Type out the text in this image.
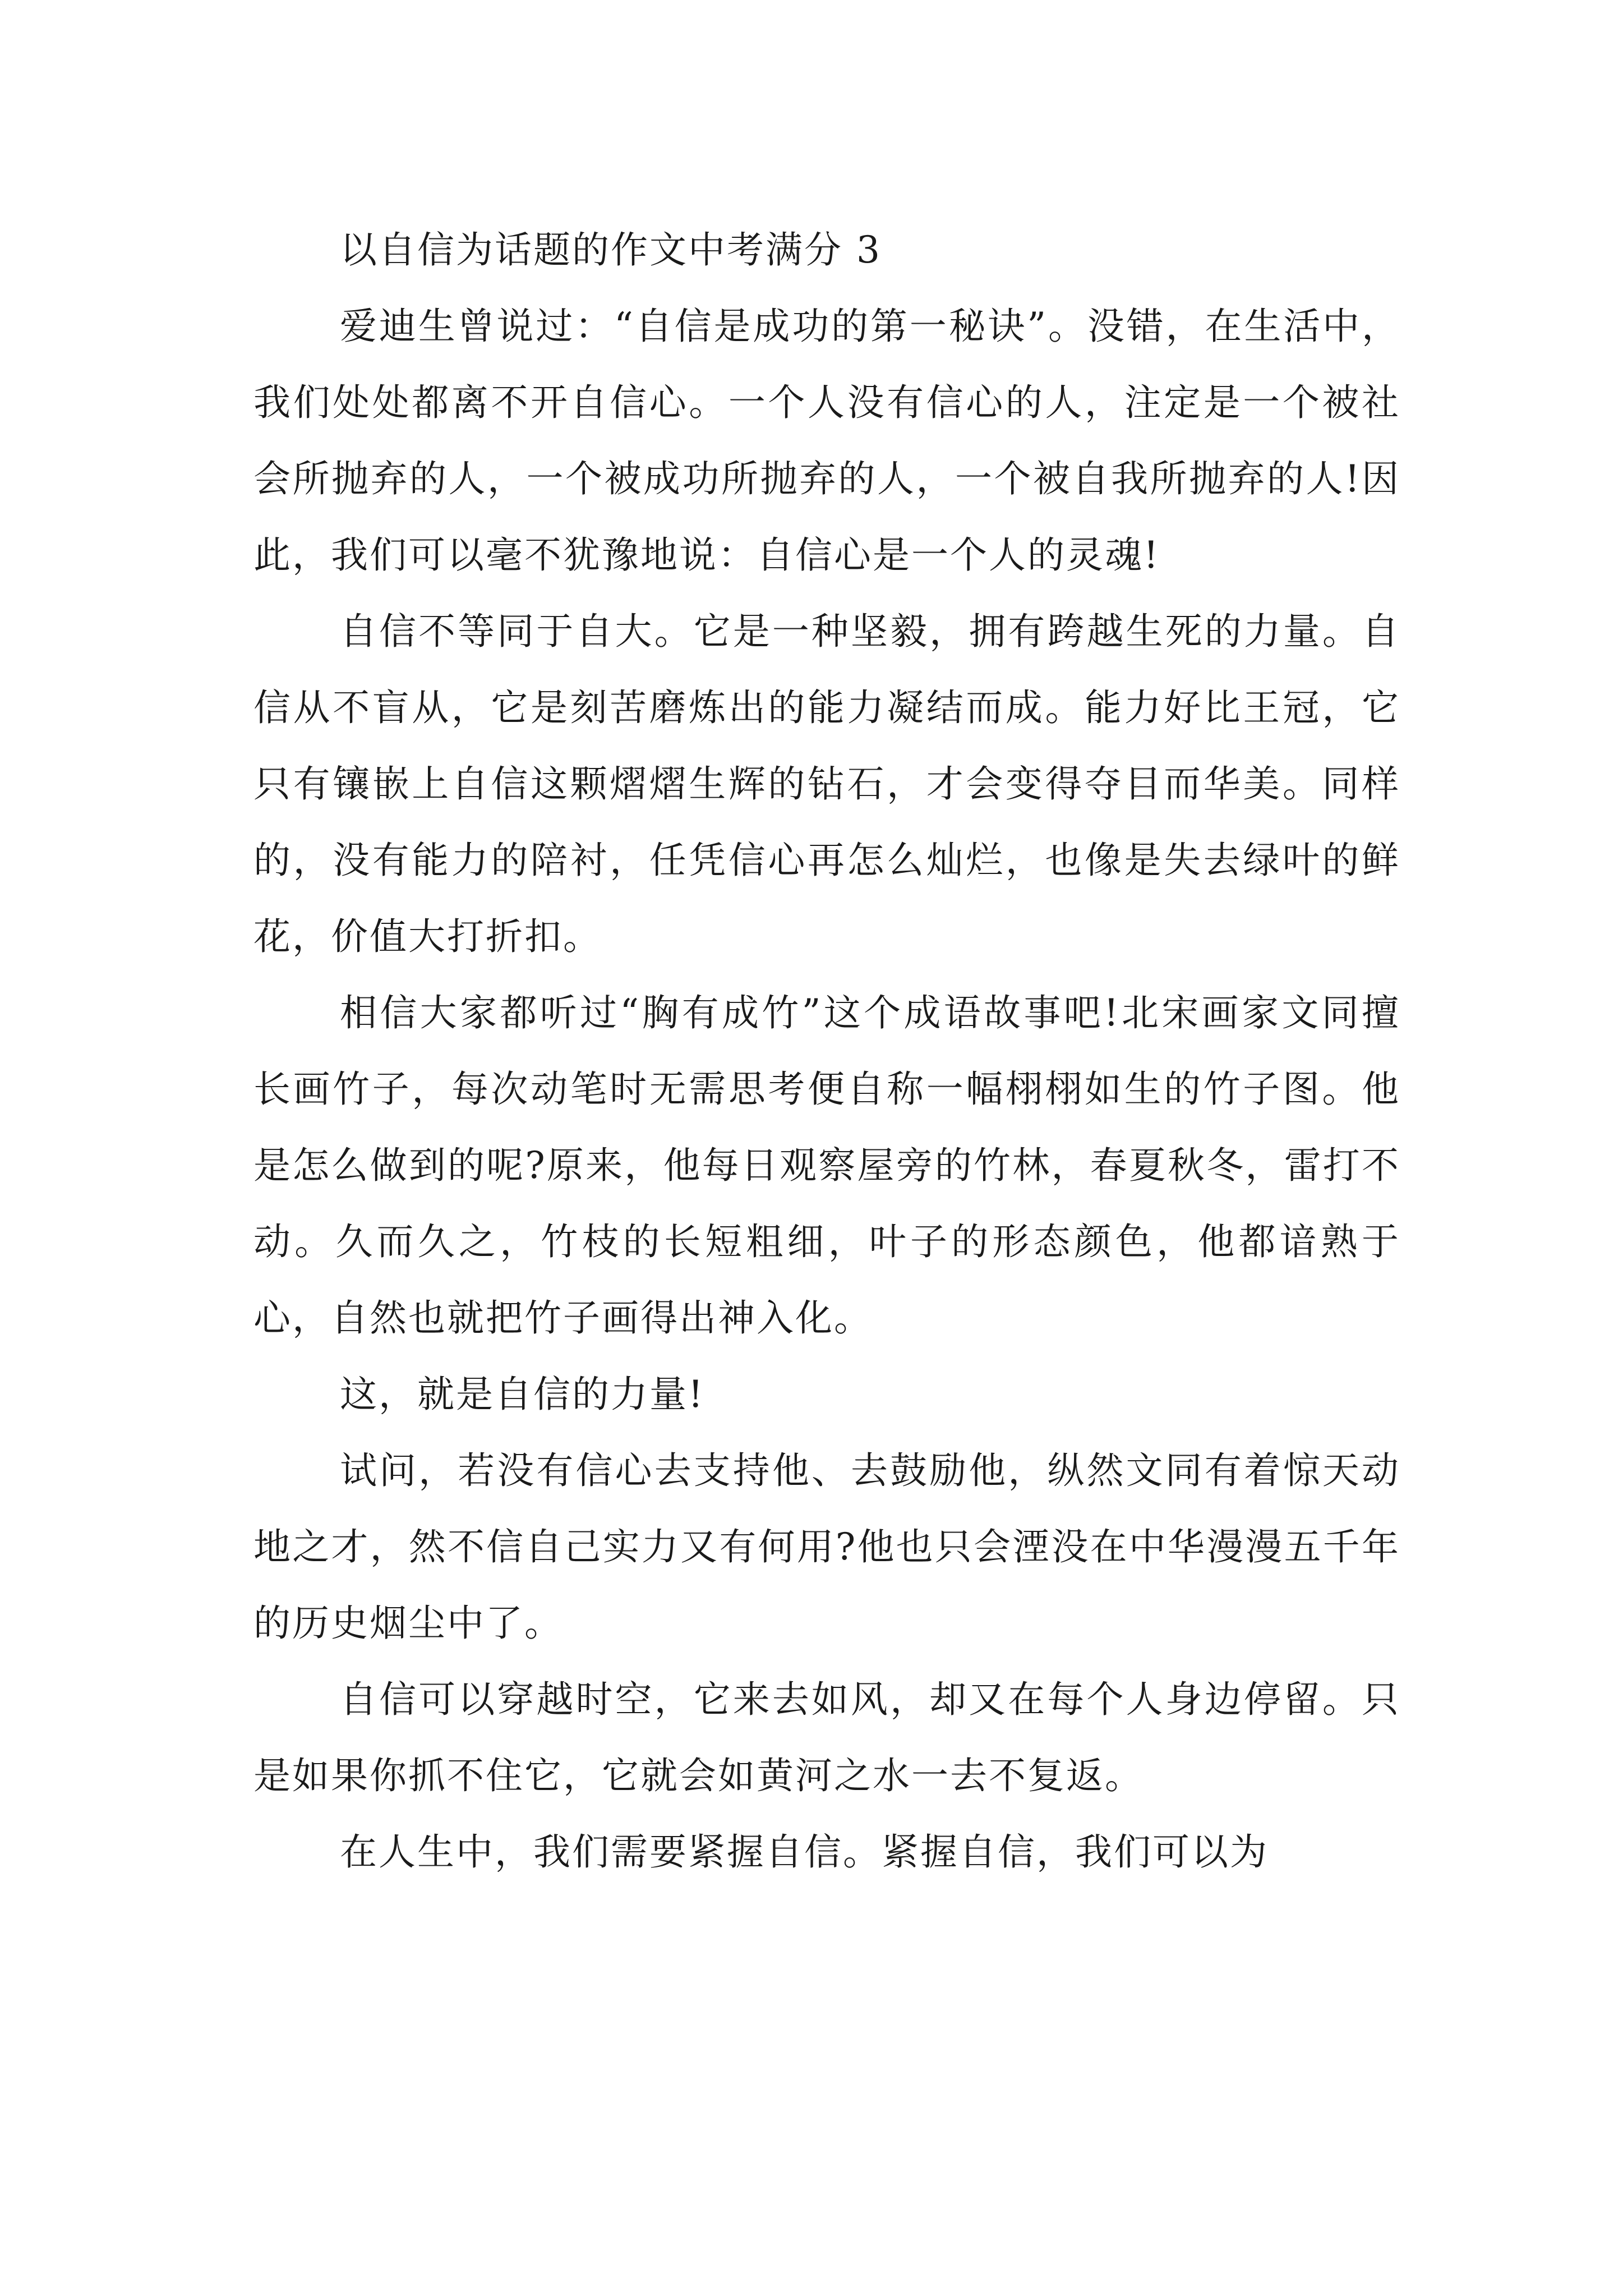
以自信为话题的作文中考满分 3

爱迪生曾说过：“自信是成功的第一秘诀”。没错，在生活中，我们处处都离不开自信心。一个人没有信心的人，注定是一个被社会所抛弃的人，一个被成功所抛弃的人，一个被自我所抛弃的人!因此，我们可以毫不犹豫地说：自信心是一个人的灵魂!

自信不等同于自大。它是一种坚毅，拥有跨越生死的力量。自信从不盲从，它是刻苦磨炼出的能力凝结而成。能力好比王冠，它只有镶嵌上自信这颗熠熠生辉的钻石，才会变得夺目而华美。同样的，没有能力的陪衬，任凭信心再怎么灿烂，也像是失去绿叶的鲜花，价值大打折扣。

相信大家都听过“胸有成竹”这个成语故事吧!北宋画家文同擅长画竹子，每次动笔时无需思考便自称一幅栩栩如生的竹子图。他是怎么做到的呢?原来，他每日观察屋旁的竹林，春夏秋冬，雷打不动。久而久之，竹枝的长短粗细，叶子的形态颜色，他都谙熟于心，自然也就把竹子画得出神入化。

这，就是自信的力量!

试问，若没有信心去支持他、去鼓励他，纵然文同有着惊天动地之才，然不信自己实力又有何用?他也只会湮没在中华漫漫五千年的历史烟尘中了。

自信可以穿越时空，它来去如风，却又在每个人身边停留。只是如果你抓不住它，它就会如黄河之水一去不复返。

在人生中，我们需要紧握自信。紧握自信，我们可以为
